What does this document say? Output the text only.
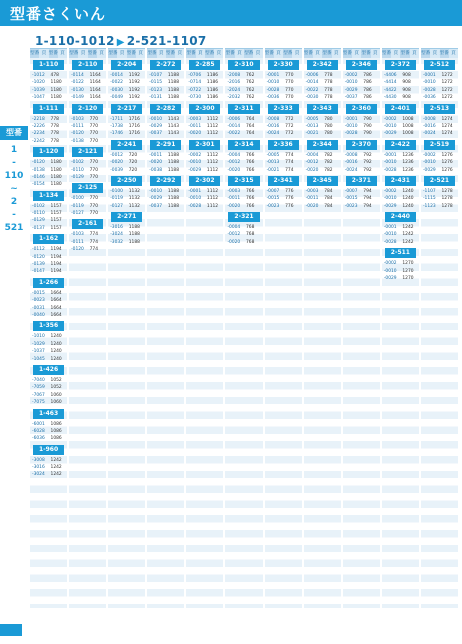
型番さくいん
1-110-1012 ▶ 2-521-1107
型番
1
-
110
~
2
-
521
型番 頁 型番 頁
1-110
-1012	478
-1020	1180
-1039	1180
-1047	1180
1-111
-2218	778
-2226	778
-2234	778
-2242	778
1-120
-0120	1180
-0138	1180
-0146	1180
-0154	1180
1-134
-0102	1157
-0110	1157
-0129	1157
-0137	1157
1-162
-0112	1194
-0120	1194
-0139	1194
-0147	1194
1-266
-0015	1664
-0023	1664
-0031	1664
-0040	1664
1-356
-1010	1240
-1029	1240
-1037	1240
-1045	1240
1-426
-7040	1052
-7059	1052
-7067	1060
-7075	1060
1-463
-6001	1086
-6028	1086
-6036	1086
1-960
-3008	1242
-3016	1242
-3024	1242
型番 頁 型番 頁
2-110
-0114	1164
-0122	1164
-0130	1164
-0149	1164
2-120
-0103	770
-0111	770
-0120	770
-0138	770
2-121
-0102	770
-0110	770
-0129	770
2-125
-0100	770
-0119	770
-0127	770
2-161
-0103	774
-0111	774
-0120	774
型番 頁 型番 頁
2-204
-0014	1192
-0022	1192
-0030	1192
-0049	1192
2-217
-1711	1716
-1738	1716
-1746	1716
2-241
-0012	720
-0020	720
-0039	720
2-250
-0100	1132
-0119	1132
-0127	1132
2-271
-3016	1188
-3024	1188
-3032	1188
型番 頁 型番 頁
2-272
-0107	1188
-0115	1188
-0123	1188
-0131	1188
2-282
-0010	1143
-0029	1143
-0037	1143
2-291
-0011	1188
-0020	1188
-0038	1188
2-292
-0010	1188
-0029	1188
-0037	1188
型番 頁 型番 頁
2-285
-0706	1186
-0714	1186
-0722	1186
-0730	1186
2-300
-0003	1112
-0011	1112
-0020	1112
2-301
-0002	1112
-0010	1112
-0029	1112
2-302
-0001	1112
-0010	1112
-0028	1112
型番 頁 型番 頁
2-310
-2008	762
-2016	762
-2024	762
-2032	762
2-311
-0006	764
-0014	764
-0022	764
2-314
-0004	766
-0012	766
-0020	766
2-315
-0003	766
-0011	766
-0020	766
2-321
-0004	768
-0012	768
-0020	768
型番 頁 型番 頁
2-330
-0001	770
-0010	770
-0028	770
-0036	770
2-333
-0008	772
-0016	772
-0024	772
2-336
-0005	774
-0013	774
-0021	774
2-341
-0007	776
-0015	776
-0023	776
型番 頁 型番 頁
2-342
-0006	778
-0014	778
-0022	778
-0030	778
2-343
-0005	780
-0013	780
-0021	780
2-344
-0004	782
-0012	782
-0020	782
2-345
-0003	784
-0011	784
-0020	784
型番 頁 型番 頁
2-346
-0002	786
-0010	786
-0029	786
-0037	786
2-360
-0001	790
-0010	790
-0028	790
2-370
-0008	792
-0016	792
-0024	792
2-371
-0007	794
-0015	794
-0023	794
型番 頁 型番 頁
2-372
-4406	908
-4414	908
-4422	908
-4430	908
2-401
-0002	1008
-0010	1008
-0029	1008
2-422
-0001	1236
-0010	1236
-0028	1236
2-431
-0002	1240
-0010	1240
-0029	1240
2-440
-0001	1242
-0010	1242
-0028	1242
2-511
-0002	1270
-0010	1270
-0029	1270
型番 頁 型番 頁
2-512
-0001	1272
-0010	1272
-0028	1272
-0036	1272
2-513
-0008	1274
-0016	1274
-0024	1274
2-519
-0002	1276
-0010	1276
-0029	1276
2-521
-1107	1278
-1115	1278
-1123	1278
28
